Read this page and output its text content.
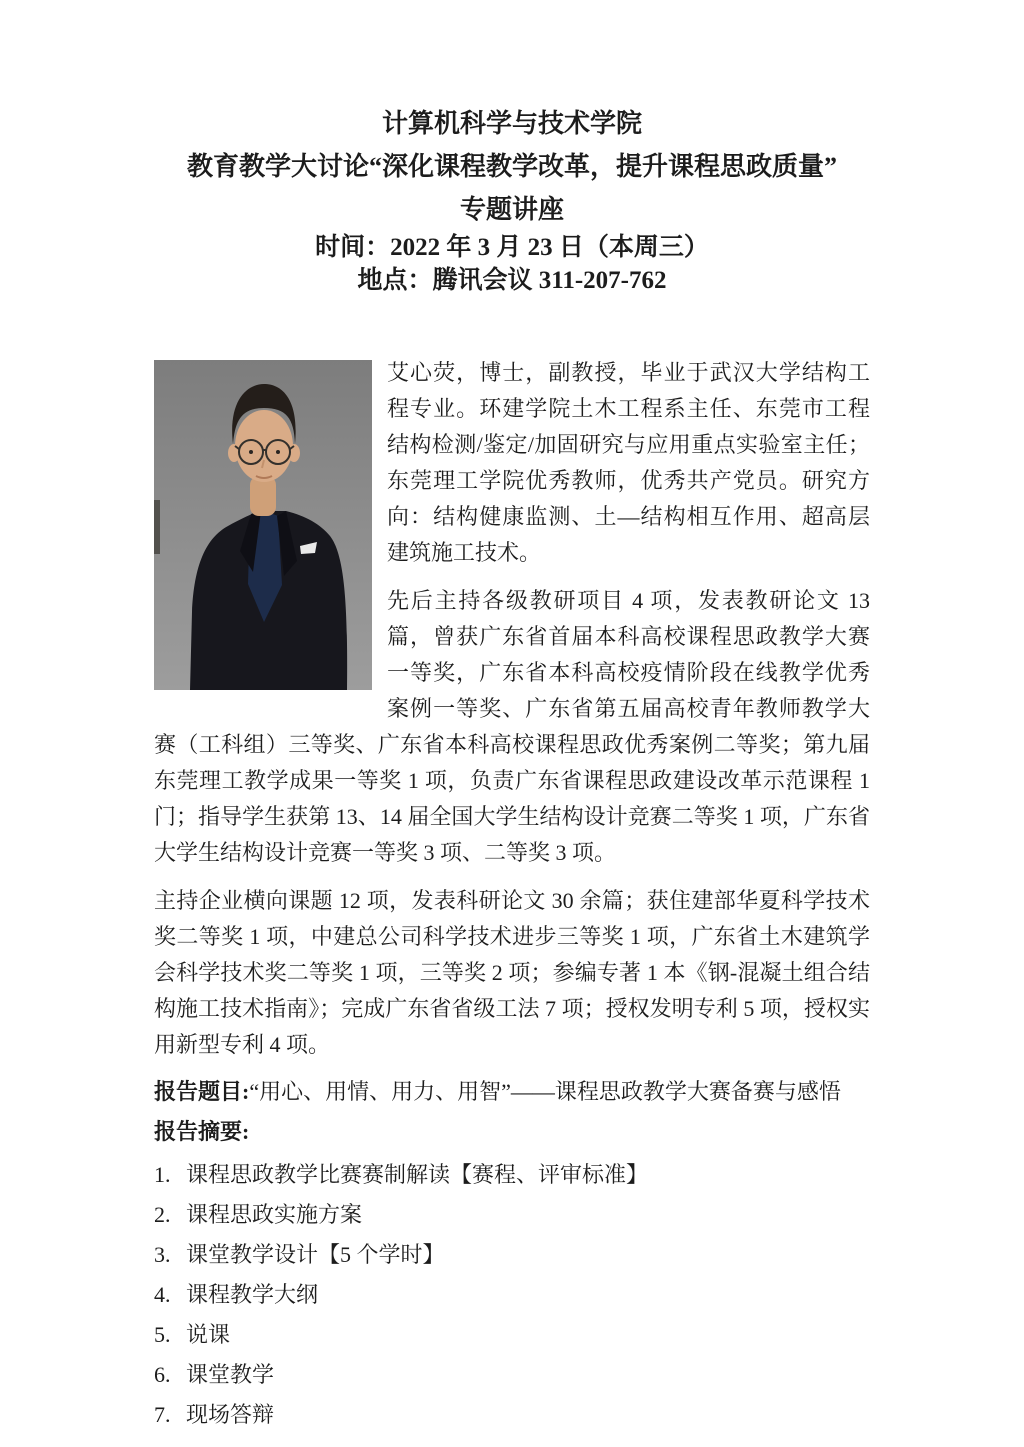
计算机科学与技术学院
教育教学大讨论“深化课程教学改革，提升课程思政质量”
专题讲座
时间：2022 年 3 月 23 日（本周三）
地点：腾讯会议 311-207-762

艾心荧，博士，副教授，毕业于武汉大学结构工程专业。环建学院土木工程系主任、东莞市工程结构检测/鉴定/加固研究与应用重点实验室主任；东莞理工学院优秀教师，优秀共产党员。研究方向：结构健康监测、土—结构相互作用、超高层建筑施工技术。

先后主持各级教研项目 4 项，发表教研论文 13 篇，曾获广东省首届本科高校课程思政教学大赛一等奖，广东省本科高校疫情阶段在线教学优秀案例一等奖、广东省第五届高校青年教师教学大赛（工科组）三等奖、广东省本科高校课程思政优秀案例二等奖；第九届东莞理工教学成果一等奖 1 项，负责广东省课程思政建设改革示范课程 1 门；指导学生获第 13、14 届全国大学生结构设计竞赛二等奖 1 项，广东省大学生结构设计竞赛一等奖 3 项、二等奖 3 项。

主持企业横向课题 12 项，发表科研论文 30 余篇；获住建部华夏科学技术奖二等奖 1 项，中建总公司科学技术进步三等奖 1 项，广东省土木建筑学会科学技术奖二等奖 1 项，三等奖 2 项；参编专著 1 本《钢-混凝土组合结构施工技术指南》；完成广东省省级工法 7 项；授权发明专利 5 项，授权实用新型专利 4 项。

报告题目:“用心、用情、用力、用智”——课程思政教学大赛备赛与感悟

报告摘要:

1. 课程思政教学比赛赛制解读【赛程、评审标准】
2. 课程思政实施方案
3. 课堂教学设计【5 个学时】
4. 课程教学大纲
5. 说课
6. 课堂教学
7. 现场答辩
